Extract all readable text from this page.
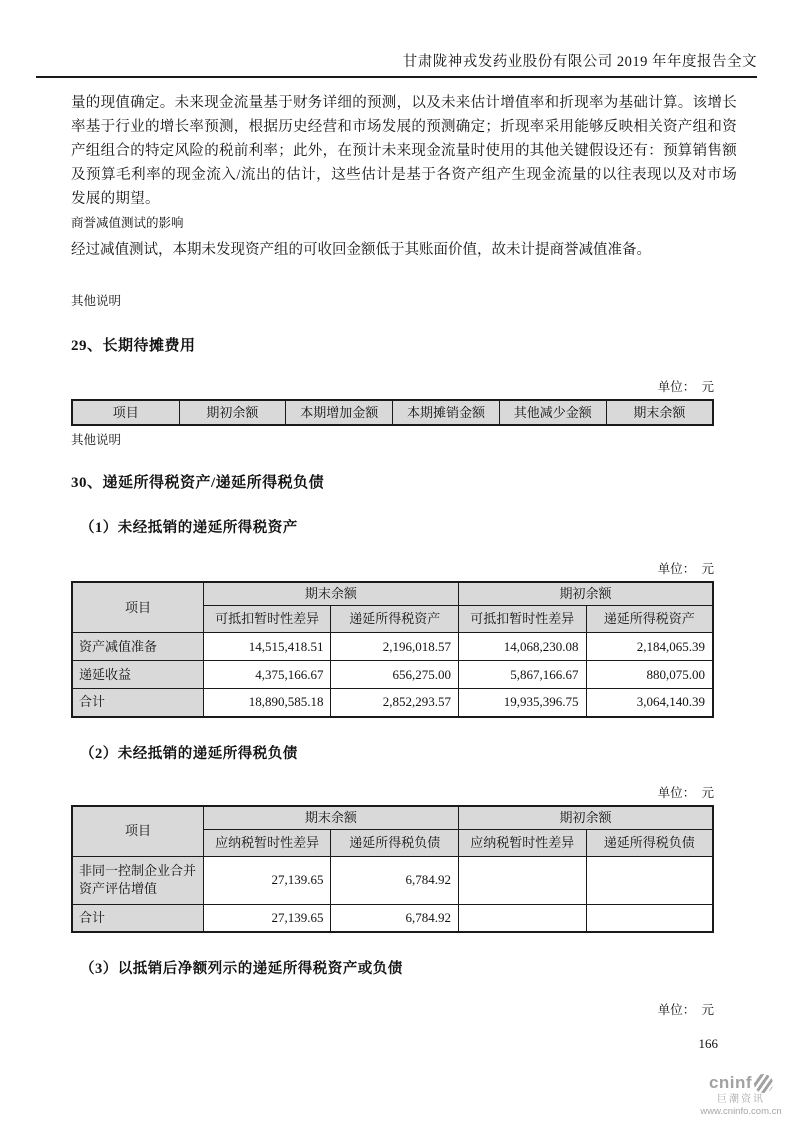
甘肃陇神戎发药业股份有限公司 2019 年年度报告全文
量的现值确定。未来现金流量基于财务详细的预测，以及未来估计增值率和折现率为基础计算。该增长率基于行业的增长率预测，根据历史经营和市场发展的预测确定；折现率采用能够反映相关资产组和资产组组合的特定风险的税前利率；此外，在预计未来现金流量时使用的其他关键假设还有：预算销售额及预算毛利率的现金流入/流出的估计，这些估计是基于各资产组产生现金流量的以往表现以及对市场发展的期望。
商誉减值测试的影响
经过减值测试，本期未发现资产组的可收回金额低于其账面价值，故未计提商誉减值准备。
其他说明
29、长期待摊费用
单位：　元
项目	期初余额	本期增加金额	本期摊销金额	其他减少金额	期末余额
其他说明
30、递延所得税资产/递延所得税负债
（1）未经抵销的递延所得税资产
单位：　元
项目	期末余额		期初余额	
	可抵扣暂时性差异	递延所得税资产	可抵扣暂时性差异	递延所得税资产
资产减值准备	14,515,418.51	2,196,018.57	14,068,230.08	2,184,065.39
递延收益	4,375,166.67	656,275.00	5,867,166.67	880,075.00
合计	18,890,585.18	2,852,293.57	19,935,396.75	3,064,140.39
（2）未经抵销的递延所得税负债
单位：　元
项目	期末余额		期初余额	
	应纳税暂时性差异	递延所得税负债	应纳税暂时性差异	递延所得税负债
非同一控制企业合并资产评估增值	27,139.65	6,784.92		
合计	27,139.65	6,784.92		
（3）以抵销后净额列示的递延所得税资产或负债
单位：　元
166
cninf
巨潮资讯
www.cninfo.com.cn
